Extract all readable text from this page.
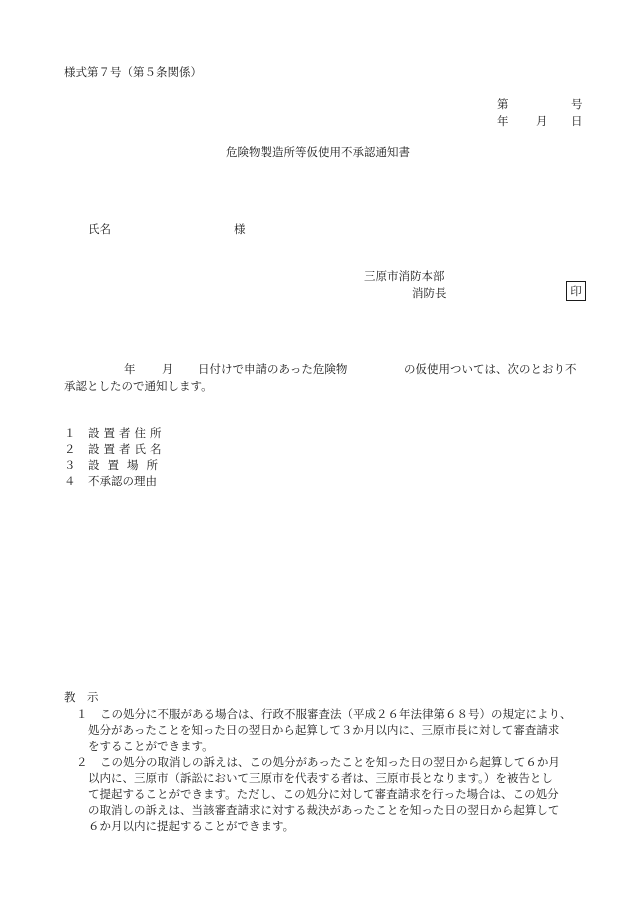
様式第７号（第５条関係）
第	号
年 月 日
危険物製造所等仮使用不承認通知書
氏名	様
三原市消防本部
消防長	印
年 月 日付けで申請のあった危険物	の仮使用ついては、次のとおり不
承認としたので通知します。
１	設置者住所
２	設置者氏名
３	設置場所
４	不承認の理由
教　示
１ この処分に不服がある場合は、行政不服審査法（平成２６年法律第６８号）の規定により、
処分があったことを知った日の翌日から起算して３か月以内に、三原市長に対して審査請求
をすることができます。
２ この処分の取消しの訴えは、この処分があったことを知った日の翌日から起算して６か月
以内に、三原市（訴訟において三原市を代表する者は、三原市長となります。）を被告とし
て提起することができます。ただし、この処分に対して審査請求を行った場合は、この処分
の取消しの訴えは、当該審査請求に対する裁決があったことを知った日の翌日から起算して
６か月以内に提起することができます。
